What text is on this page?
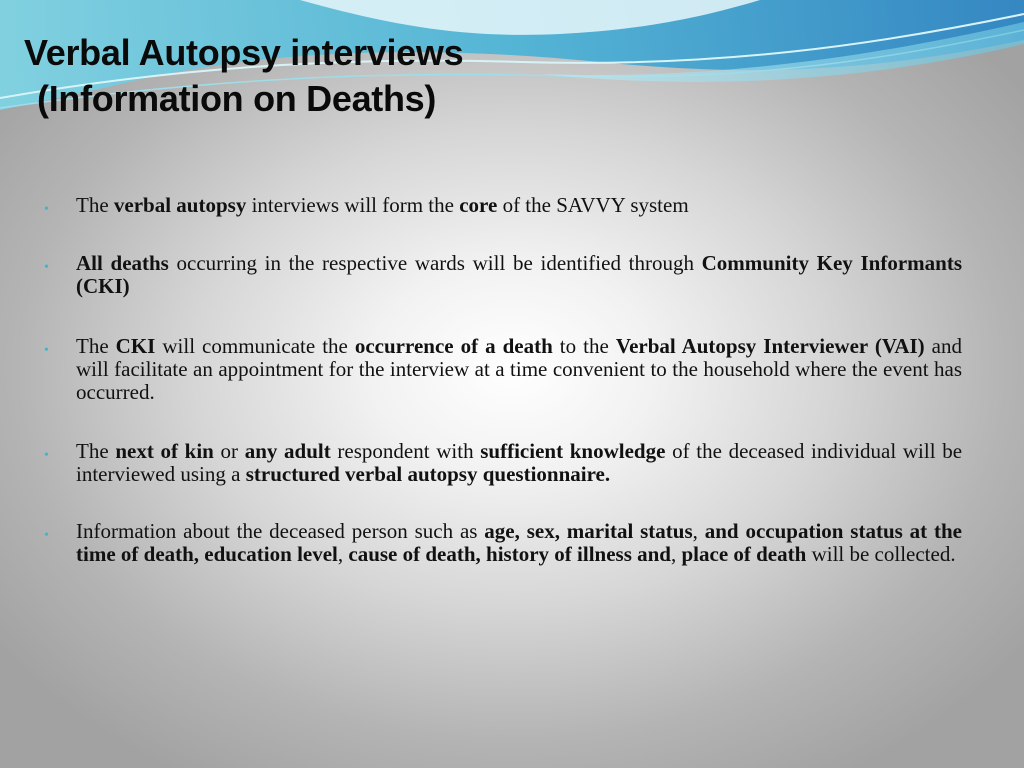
Verbal Autopsy interviews
(Information on Deaths)
• The verbal autopsy interviews will form the core of the SAVVY system
• All deaths occurring in the respective wards will be identified through Community Key Informants (CKI)
• The CKI will communicate the occurrence of a death to the Verbal Autopsy Interviewer (VAI) and will facilitate an appointment for the interview at a time convenient to the household where the event has occurred.
• The next of kin or any adult respondent with sufficient knowledge of the deceased individual will be interviewed using a structured verbal autopsy questionnaire.
• Information about the deceased person such as age, sex, marital status, and occupation status at the time of death, education level, cause of death, history of illness and, place of death will be collected.
